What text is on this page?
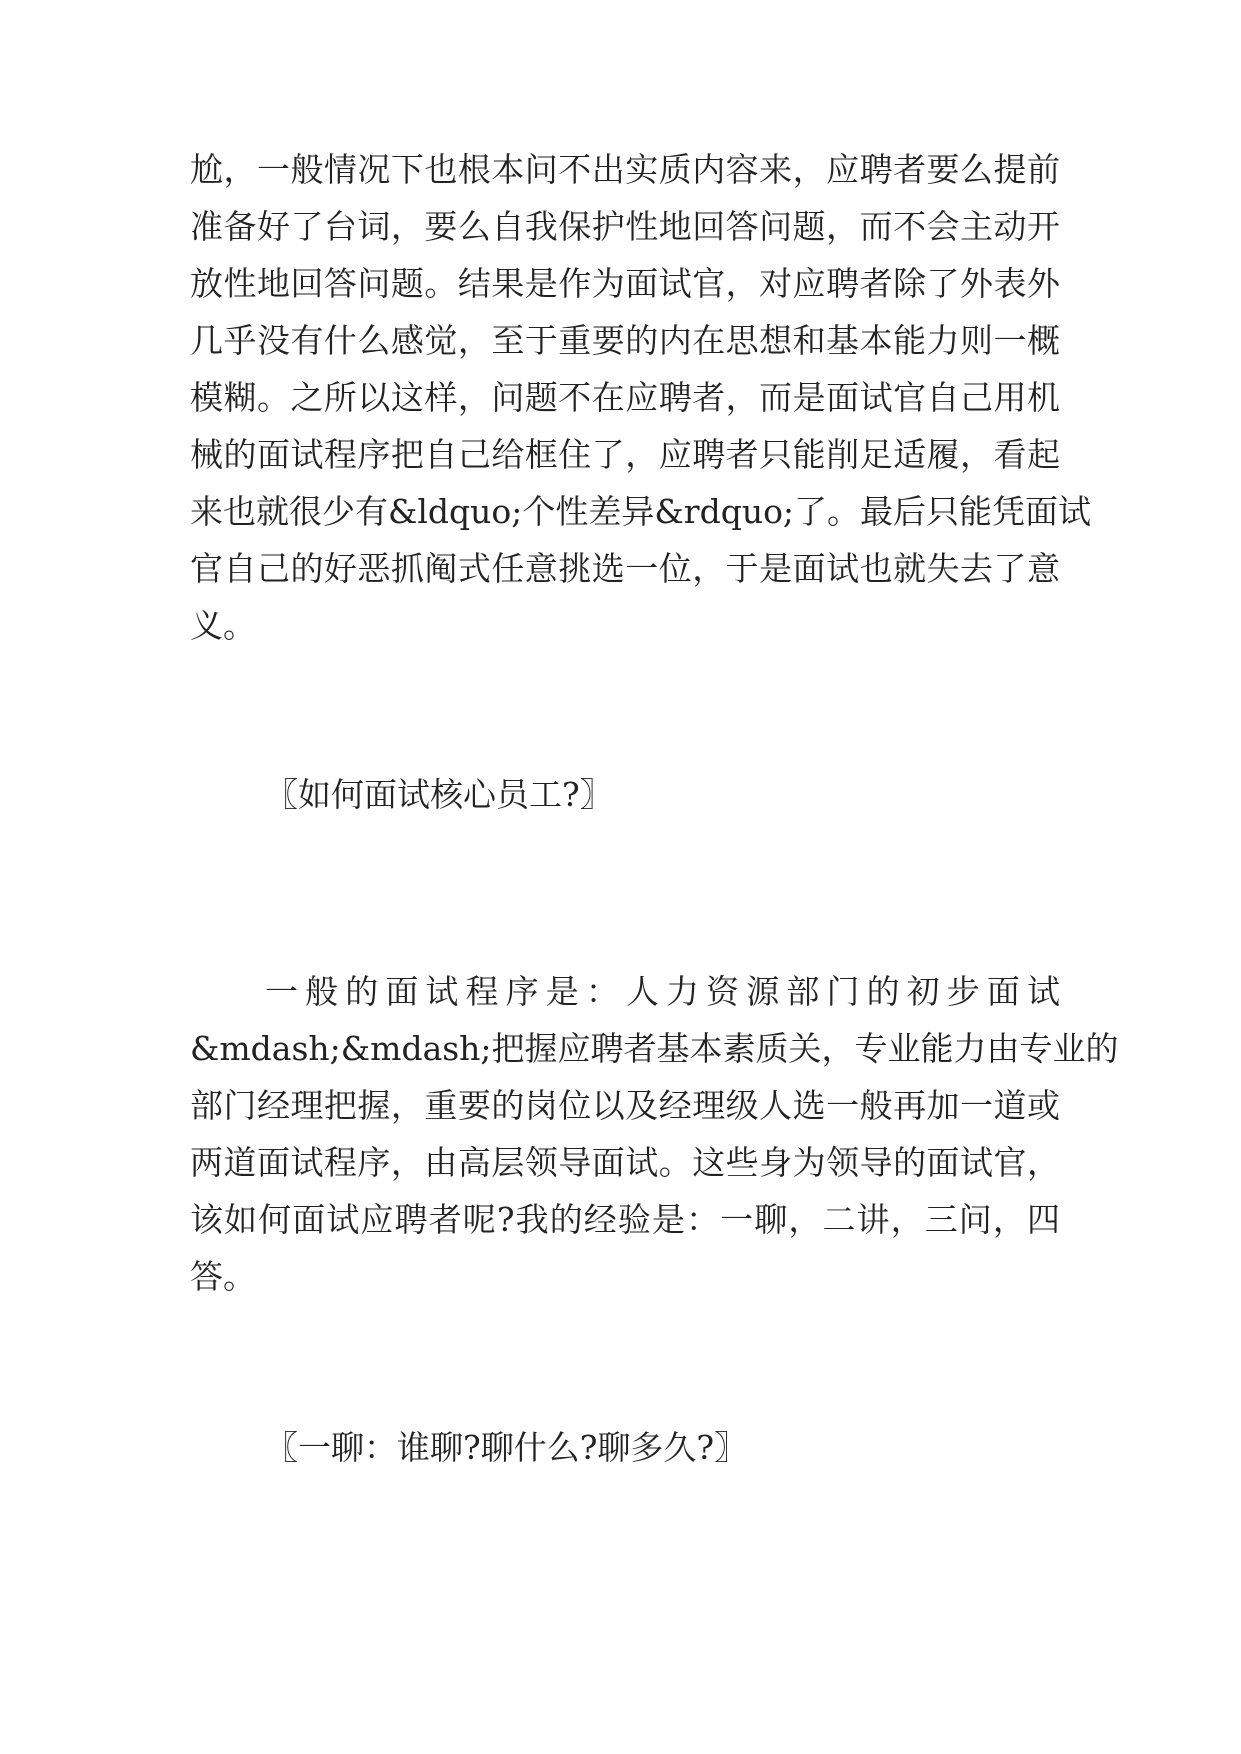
尬，一般情况下也根本问不出实质内容来，应聘者要么提前
准备好了台词，要么自我保护性地回答问题，而不会主动开
放性地回答问题。结果是作为面试官，对应聘者除了外表外
几乎没有什么感觉，至于重要的内在思想和基本能力则一概
模糊。之所以这样，问题不在应聘者，而是面试官自己用机
械的面试程序把自己给框住了，应聘者只能削足适履，看起
来也就很少有&ldquo;个性差异&rdquo;了。最后只能凭面试
官自己的好恶抓阄式任意挑选一位，于是面试也就失去了意
义。
〖如何面试核心员工?〗
一般的面试程序是：人力资源部门的初步面试
&mdash;&mdash;把握应聘者基本素质关，专业能力由专业的
部门经理把握，重要的岗位以及经理级人选一般再加一道或
两道面试程序，由高层领导面试。这些身为领导的面试官，
该如何面试应聘者呢?我的经验是：一聊，二讲，三问，四
答。
〖一聊：谁聊?聊什么?聊多久?〗
